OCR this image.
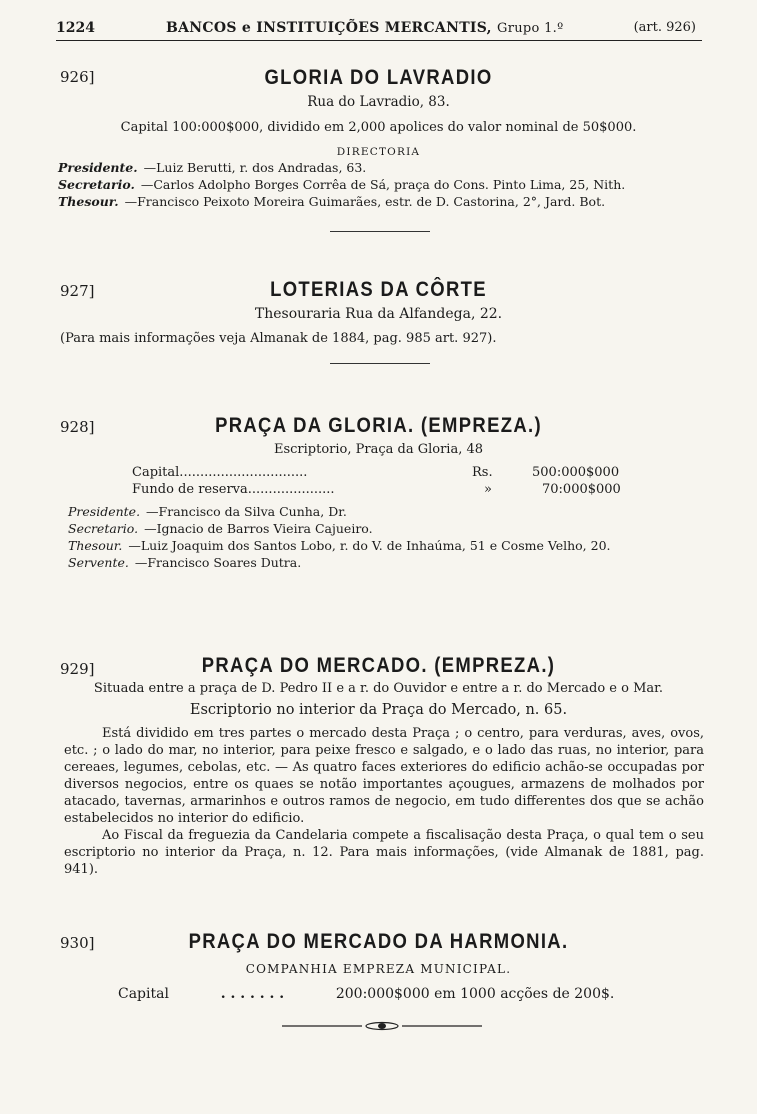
1224	BANCOS e INSTITUIÇÕES MERCANTIS, Grupo 1.º	(art. 926)
926]	GLORIA DO LAVRADIO
Rua do Lavradio, 83.
Capital 100:000$000, dividido em 2,000 apolices do valor nominal de 50$000.
DIRECTORIA
Presidente. —Luiz Berutti, r. dos Andradas, 63.
Secretario. —Carlos Adolpho Borges Corrêa de Sá, praça do Cons. Pinto Lima, 25, Nith.
Thesour. —Francisco Peixoto Moreira Guimarães, estr. de D. Castorina, 2°, Jard. Bot.
927]	LOTERIAS DA CÔRTE
Thesouraria Rua da Alfandega, 22.
(Para mais informações veja Almanak de 1884, pag. 985 art. 927).
928]	PRAÇA DA GLORIA. (EMPREZA.)
Escriptorio, Praça da Gloria, 48
Capital...............................	Rs.	500:000$000
Fundo de reserva.....................	»	70:000$000
Presidente. —Francisco da Silva Cunha, Dr.
Secretario. —Ignacio de Barros Vieira Cajueiro.
Thesour. —Luiz Joaquim dos Santos Lobo, r. do V. de Inhaúma, 51 e Cosme Velho, 20.
Servente. —Francisco Soares Dutra.
929]	PRAÇA DO MERCADO. (EMPREZA.)
Situada entre a praça de D. Pedro II e a r. do Ouvidor e entre a r. do Mercado e o Mar.
Escriptorio no interior da Praça do Mercado, n. 65.

Está dividido em tres partes o mercado desta Praça ; o centro, para verduras, aves, ovos, etc. ; o lado do mar, no interior, para peixe fresco e salgado, e o lado das ruas, no interior, para cereaes, legumes, cebolas, etc. — As quatro faces exteriores do edificio achão-se occupadas por diversos negocios, entre os quaes se notão importantes açougues, armazens de molhados por atacado, tavernas, armarinhos e outros ramos de negocio, em tudo differentes dos que se achão estabelecidos no interior do edificio.

Ao Fiscal da freguezia da Candelaria compete a fiscalisação desta Praça, o qual tem o seu escriptorio no interior da Praça, n. 12. Para mais informações, (vide Almanak de 1881, pag. 941).

930]	PRAÇA DO MERCADO DA HARMONIA.
COMPANHIA EMPREZA MUNICIPAL.
Capital	. . . . . . .	200:000$000 em 1000 acções de 200$.
